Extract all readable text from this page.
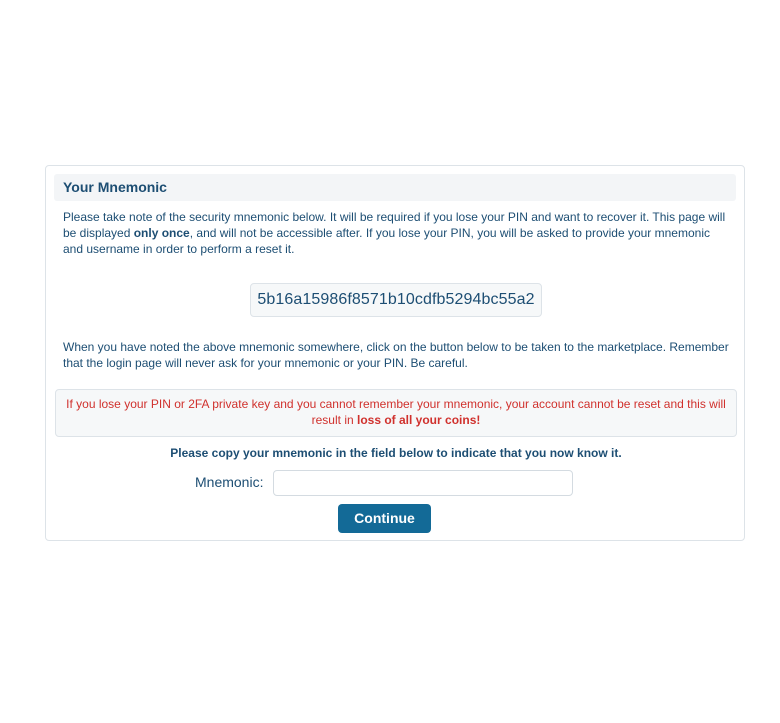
Your Mnemonic

Please take note of the security mnemonic below. It will be required if you lose your PIN and want to recover it. This page will be displayed only once, and will not be accessible after. If you lose your PIN, you will be asked to provide your mnemonic and username in order to perform a reset it.

5b16a15986f8571b10cdfb5294bc55a2

When you have noted the above mnemonic somewhere, click on the button below to be taken to the marketplace. Remember that the login page will never ask for your mnemonic or your PIN. Be careful.

If you lose your PIN or 2FA private key and you cannot remember your mnemonic, your account cannot be reset and this will result in loss of all your coins!
Please copy your mnemonic in the field below to indicate that you now know it.
Mnemonic:
Continue
